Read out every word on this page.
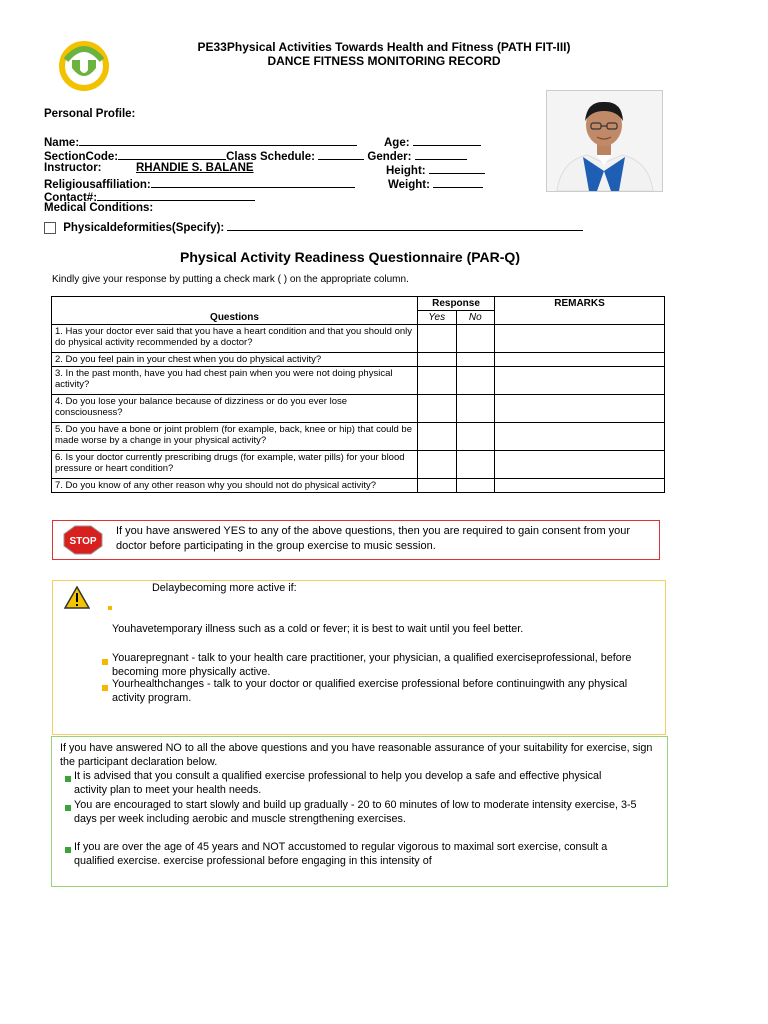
PE33Physical Activities Towards Health and Fitness (PATH FIT-III)
DANCE FITNESS MONITORING RECORD
Personal Profile:
Name:	Age:
SectionCode:	Class Schedule:	Gender:
Instructor:	RHANDIE S. BALANE	Height:
Religiousaffiliation:	Weight:
Contact#:
Medical Conditions:
Physicaldeformities(Specify):
Physical Activity Readiness Questionnaire (PAR-Q)
Kindly give your response by putting a check mark ( ) on the appropriate column.
Questions	Response		REMARKS
	Yes	No	
1. Has your doctor ever said that you have a heart condition and that you should only do physical activity recommended by a doctor?			
2. Do you feel pain in your chest when you do physical activity?			
3. In the past month, have you had chest pain when you were not doing physical activity?			
4. Do you lose your balance because of dizziness or do you ever lose consciousness?			
5. Do you have a bone or joint problem (for example, back, knee or hip) that could be made worse by a change in your physical activity?			
6. Is your doctor currently prescribing drugs (for example, water pills) for your blood pressure or heart condition?			
7. Do you know of any other reason why you should not do physical activity?			
STOP
If you have answered YES to any of the above questions, then you are required to gain consent from your doctor before participating in the group exercise to music session.
Delaybecoming more active if:
Youhavetemporary illness such as a cold or fever; it is best to wait until you feel better.
Youarepregnant - talk to your health care practitioner, your physician, a qualified exerciseprofessional, before becoming more physically active.
Yourhealthchanges - talk to your doctor or qualified exercise professional before continuingwith any physical activity program.
If you have answered NO to all the above questions and you have reasonable assurance of your suitability for exercise, sign the participant declaration below.
It is advised that you consult a qualified exercise professional to help you develop a safe and effective physical activity plan to meet your health needs.
You are encouraged to start slowly and build up gradually - 20 to 60 minutes of low to moderate intensity exercise, 3-5 days per week including aerobic and muscle strengthening exercises.
If you are over the age of 45 years and NOT accustomed to regular vigorous to maximal sort exercise, consult a qualified exercise. exercise professional before engaging in this intensity of
